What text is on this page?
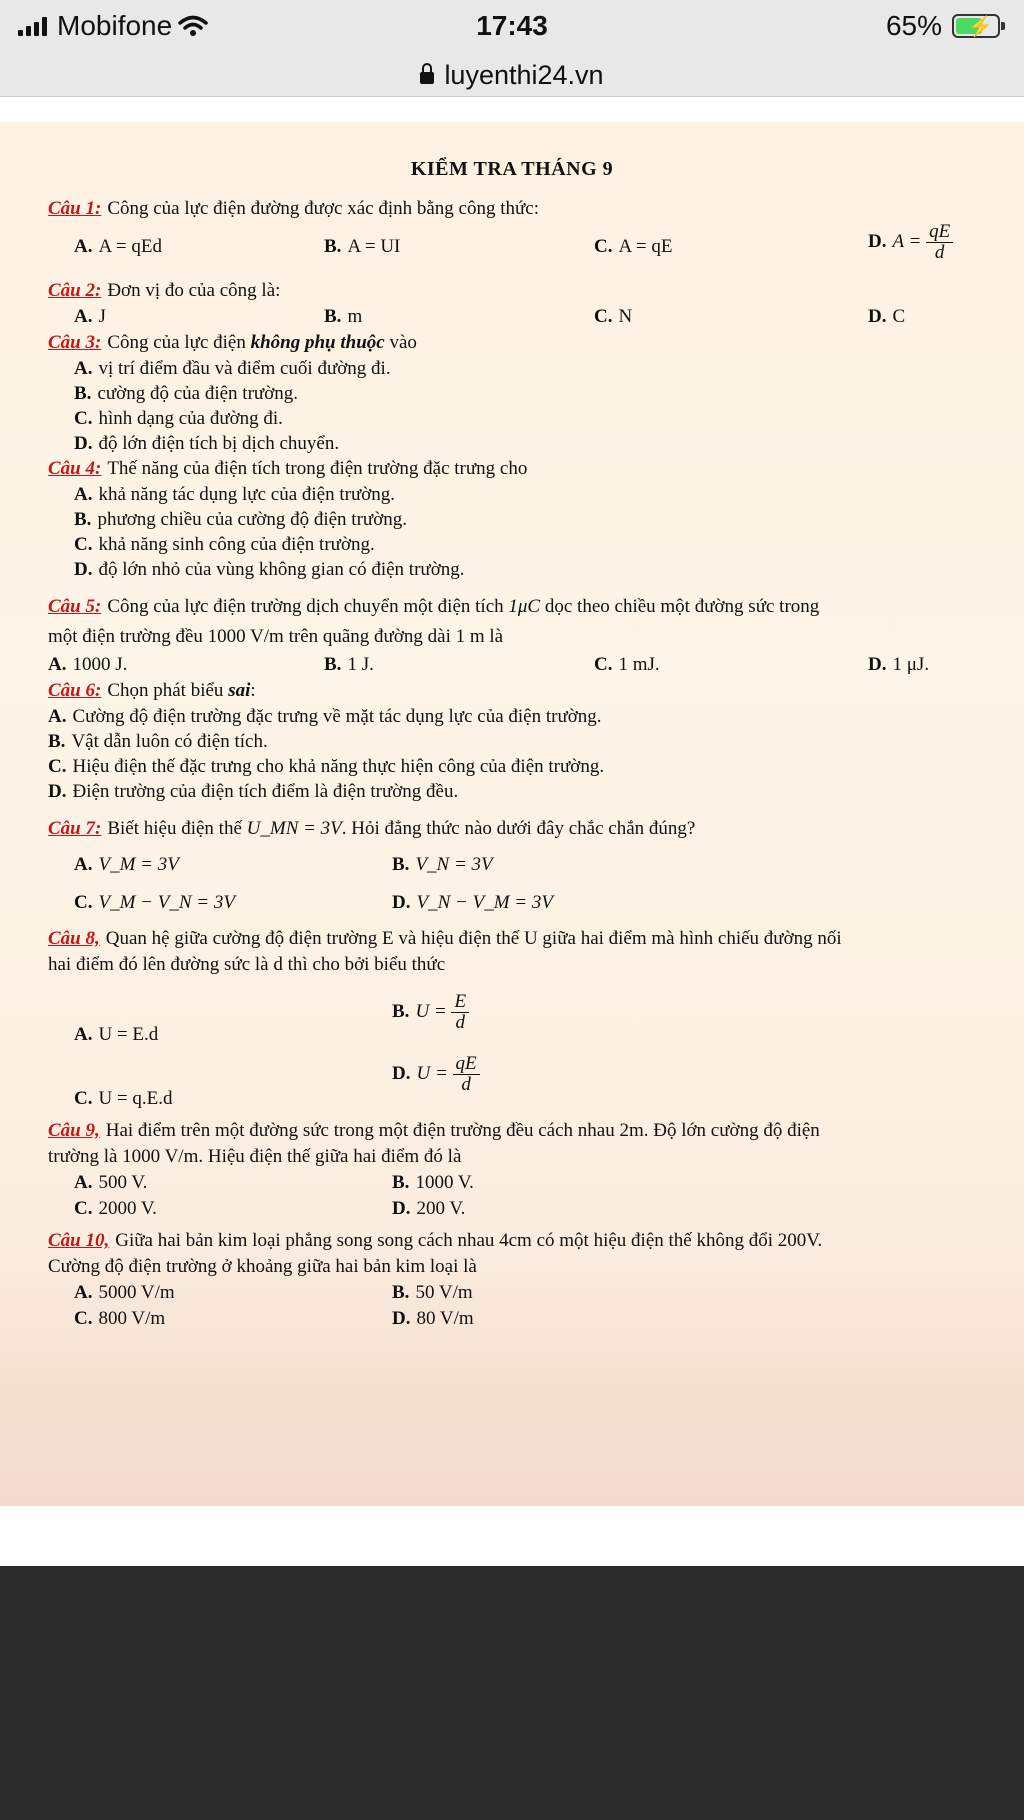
Mobifone	17:43	65% ⚡
luyenthi24.vn
KIỂM TRA THÁNG 9
Câu 1: Công của lực điện đường được xác định bằng công thức:
A. A = qEd	B. A = UI	C. A = qE	D. $A = \frac{qE}{d}$
Câu 2: Đơn vị đo của công là:
A. J	B. m	C. N	D. C
Câu 3: Công của lực điện không phụ thuộc vào
A. vị trí điểm đầu và điểm cuối đường đi.
B. cường độ của điện trường.
C. hình dạng của đường đi.
D. độ lớn điện tích bị dịch chuyển.
Câu 4: Thế năng của điện tích trong điện trường đặc trưng cho
A. khả năng tác dụng lực của điện trường.
B. phương chiều của cường độ điện trường.
C. khả năng sinh công của điện trường.
D. độ lớn nhỏ của vùng không gian có điện trường.
Câu 5: Công của lực điện trường dịch chuyển một điện tích 1μC dọc theo chiều một đường sức trong
một điện trường đều 1000 V/m trên quãng đường dài 1 m là
A. 1000 J.	B. 1 J.	C. 1 mJ.	D. 1 μJ.
Câu 6: Chọn phát biểu sai:
A. Cường độ điện trường đặc trưng về mặt tác dụng lực của điện trường.
B. Vật dẫn luôn có điện tích.
C. Hiệu điện thế đặc trưng cho khả năng thực hiện công của điện trường.
D. Điện trường của điện tích điểm là điện trường đều.
Câu 7: Biết hiệu điện thế U_MN = 3V. Hỏi đẳng thức nào dưới đây chắc chắn đúng?
A. V_M = 3V	B. V_N = 3V
C. V_M − V_N = 3V	D. V_N − V_M = 3V
Câu 8, Quan hệ giữa cường độ điện trường E và hiệu điện thế U giữa hai điểm mà hình chiếu đường nối
hai điểm đó lên đường sức là d thì cho bởi biểu thức
A. U = E.d
B. $U = \frac{E}{d}$
C. U = q.E.d
D. $U = \frac{qE}{d}$
Câu 9, Hai điểm trên một đường sức trong một điện trường đều cách nhau 2m. Độ lớn cường độ điện
trường là 1000 V/m. Hiệu điện thế giữa hai điểm đó là
A. 500 V.	B. 1000 V.
C. 2000 V.	D. 200 V.
Câu 10, Giữa hai bản kim loại phẳng song song cách nhau 4cm có một hiệu điện thế không đổi 200V.
Cường độ điện trường ở khoảng giữa hai bản kim loại là
A. 5000 V/m	B. 50 V/m
C. 800 V/m	D. 80 V/m
